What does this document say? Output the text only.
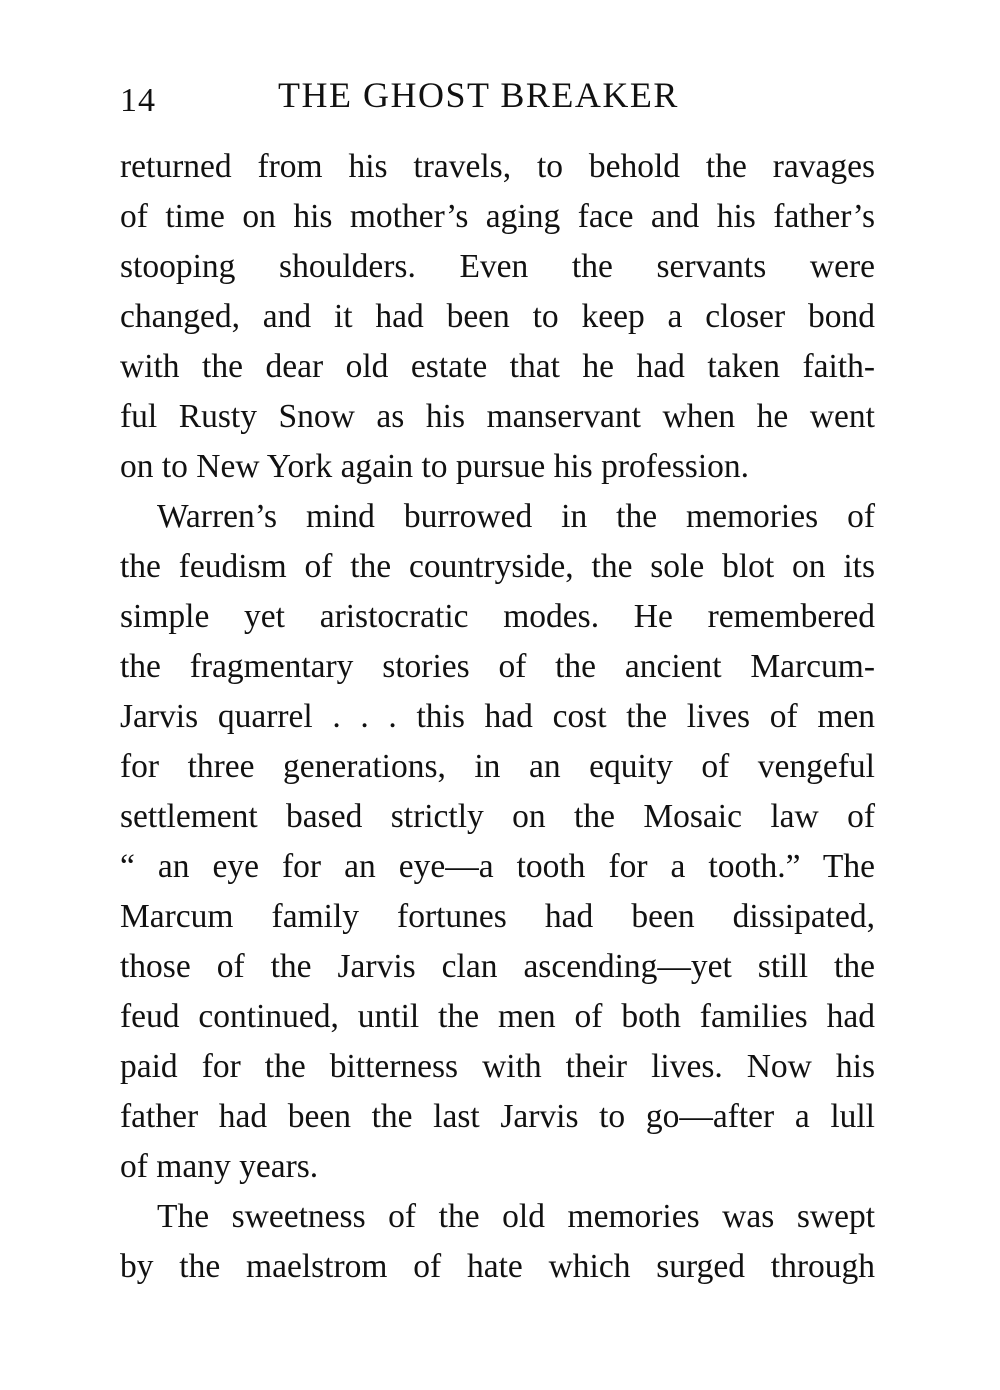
14	THE GHOST BREAKER
returned from his travels, to behold the ravages
of time on his mother’s aging face and his father’s
stooping shoulders. Even the servants were
changed, and it had been to keep a closer bond
with the dear old estate that he had taken faith-
ful Rusty Snow as his manservant when he went
on to New York again to pursue his profession.
Warren’s mind burrowed in the memories of
the feudism of the countryside, the sole blot on its
simple yet aristocratic modes. He remembered
the fragmentary stories of the ancient Marcum-
Jarvis quarrel . . . this had cost the lives of men
for three generations, in an equity of vengeful
settlement based strictly on the Mosaic law of
“ an eye for an eye—a tooth for a tooth.” The
Marcum family fortunes had been dissipated,
those of the Jarvis clan ascending—yet still the
feud continued, until the men of both families had
paid for the bitterness with their lives. Now his
father had been the last Jarvis to go—after a lull
of many years.
The sweetness of the old memories was swept
by the maelstrom of hate which surged through
